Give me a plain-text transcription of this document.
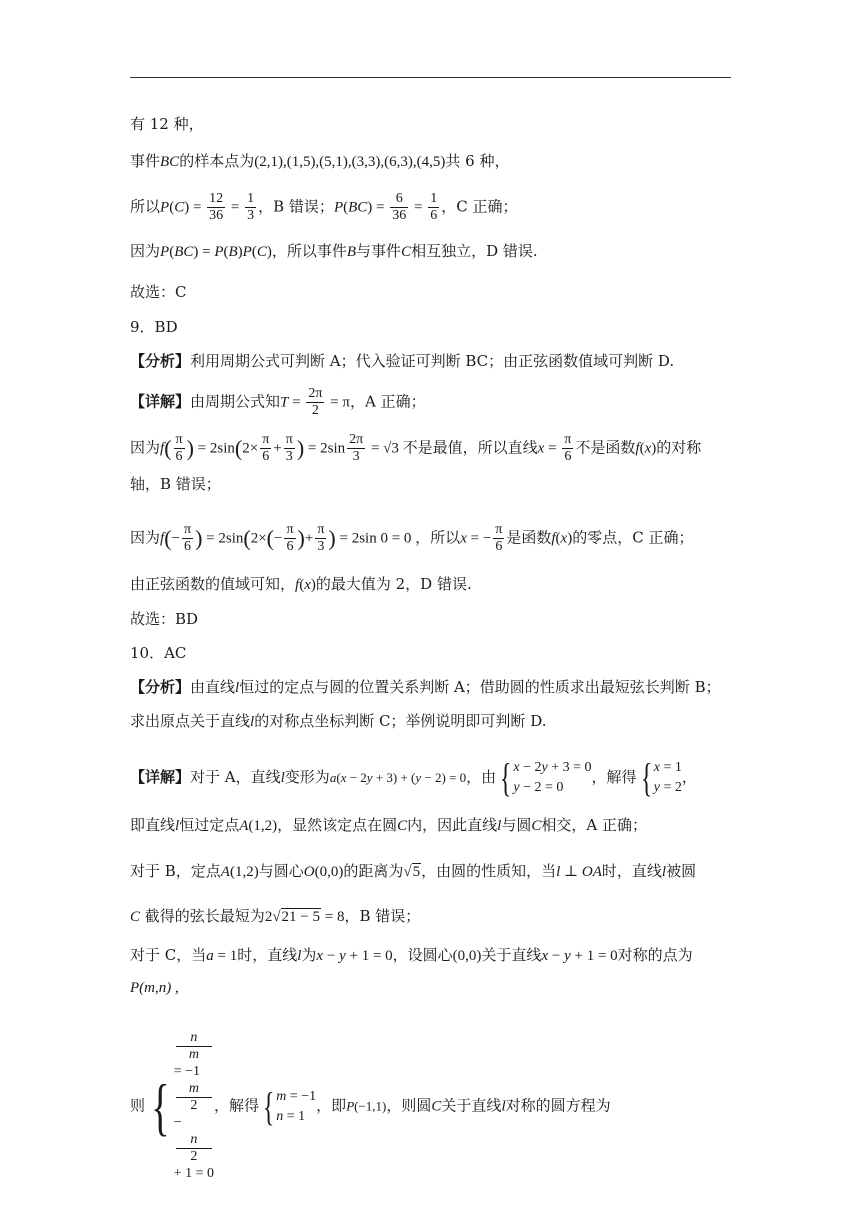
有 12 种，
事件BC的样本点为(2,1),(1,5),(5,1),(3,3),(6,3),(4,5)共 6 种，
所以$P(C) = \frac{12}{36} = \frac{1}{3}$ ，B 错误；$P(BC) = \frac{6}{36} = \frac{1}{6}$ ，C 正确；
因为P(BC) = P(B)P(C)，所以事件B与事件C相互独立，D 错误.
故选：C
9．BD
【分析】利用周期公式可判断 A；代入验证可判断 BC；由正弦函数值域可判断 D.
【详解】由周期公式知$T = \frac{2\pi}{2} = \pi$，A 正确；
因为$f( \frac{\pi}{6}$ ) = $2\sin(2\times \frac{\pi}{6} + \frac{\pi}{3}$ ) = $2\sin \frac{2\pi}{3} = √3$ 不是最值，所以直线$x = \frac{\pi}{6}$ 不是函数f(x)的对称
轴，B 错误；
因为$f(- \frac{\pi}{6}$ ) = $2\sin(2\times(- \frac{\pi}{6}$ )+ $\frac{\pi}{3}$ ) = 2sin 0 = 0 ，所以x = − $\frac{\pi}{6}$ 是函数f(x)的零点，C 正确；
由正弦函数的值域可知，f(x)的最大值为 2，D 错误.
故选：BD
10．AC
【分析】由直线l恒过的定点与圆的位置关系判断 A；借助圆的性质求出最短弦长判断 B；
求出原点关于直线l的对称点坐标判断 C；举例说明即可判断 D.
【详解】对于 A，直线l变形为a(x − 2y + 3) + (y − 2) = 0，由{ x − 2y + 3 = 0
y − 2 = 0
，解得{ x = 1
y = 2
，
即直线l恒过定点A(1,2)，显然该定点在圆C内，因此直线l与圆C相交，A 正确；
对于 B，定点A(1,2)与圆心O(0,0)的距离为√5，由圆的性质知，当l ⊥ OA时，直线l被圆
C 截得的弦长最短为2√21 − 5 = 8，B 错误；
对于 C，当a = 1时，直线l为x − y + 1 = 0，设圆心(0,0)关于直线x − y + 1 = 0对称的点为
P(m,n) ,
则{
n
m
= −1
m
2
−
n
2
+ 1 = 0
，解得{ m = −1
n = 1
，即P(−1,1)，则圆C关于直线l对称的圆方程为
